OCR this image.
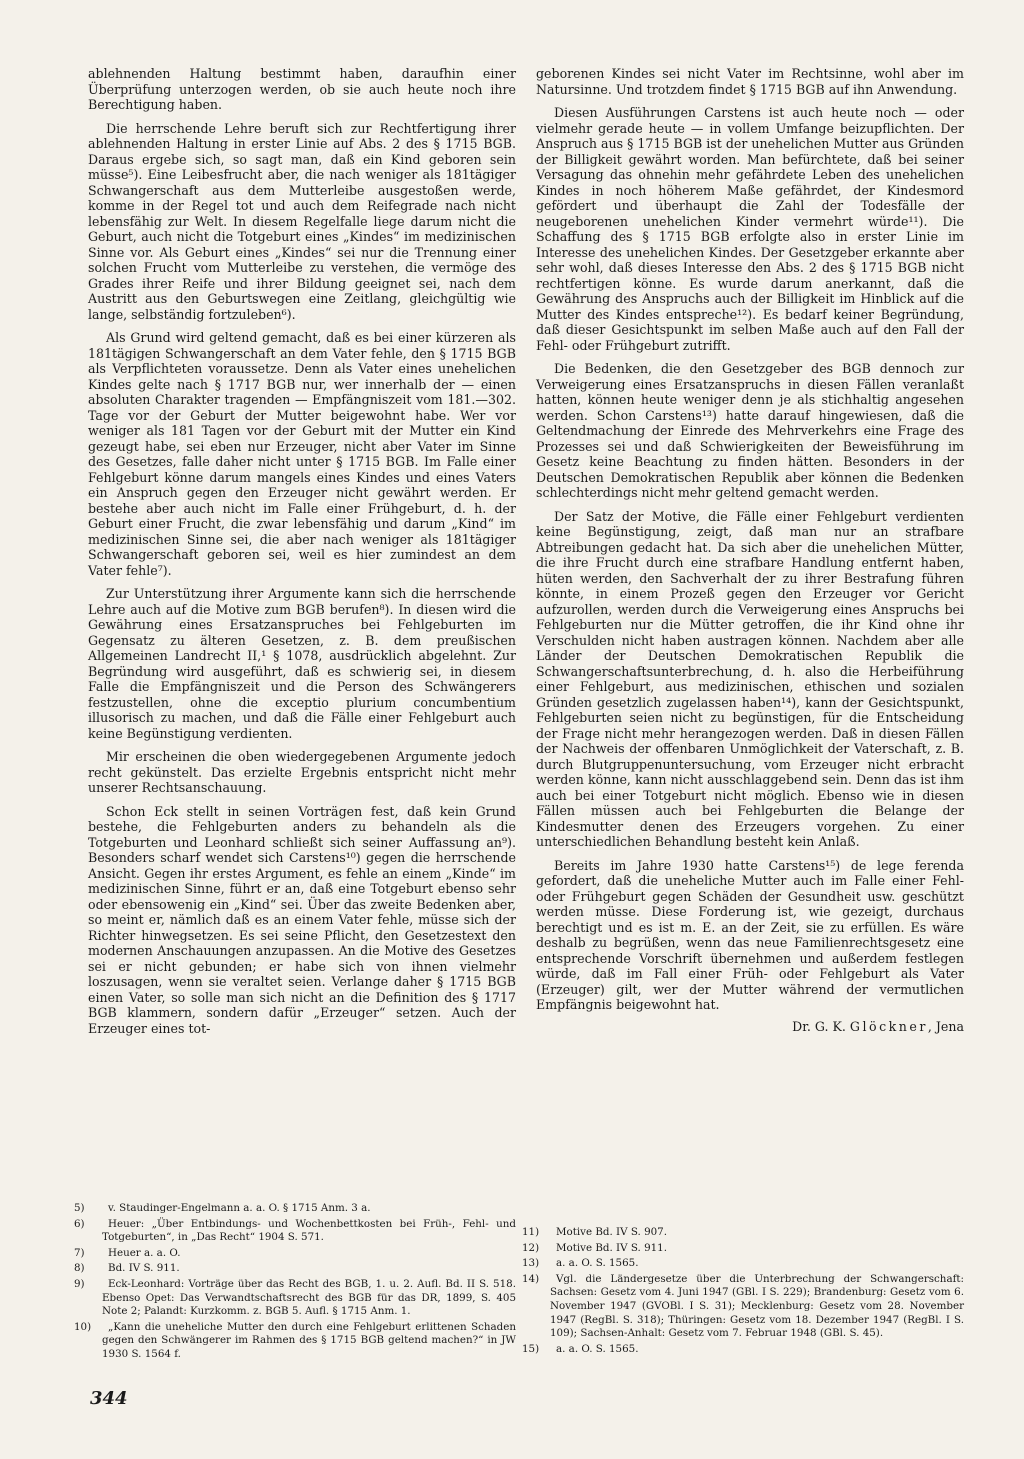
ablehnenden Haltung bestimmt haben, daraufhin einer Überprüfung unterzogen werden, ob sie auch heute noch ihre Berechtigung haben.

Die herrschende Lehre beruft sich zur Rechtfertigung ihrer ablehnenden Haltung in erster Linie auf Abs. 2 des § 1715 BGB. Daraus ergebe sich, so sagt man, daß ein Kind geboren sein müsse⁵). Eine Leibesfrucht aber, die nach weniger als 181tägiger Schwangerschaft aus dem Mutterleibe ausgestoßen werde, komme in der Regel tot und auch dem Reifegrade nach nicht lebensfähig zur Welt. In diesem Regelfalle liege darum nicht die Geburt, auch nicht die Totgeburt eines „Kindes“ im medizinischen Sinne vor. Als Geburt eines „Kindes“ sei nur die Trennung einer solchen Frucht vom Mutterleibe zu verstehen, die vermöge des Grades ihrer Reife und ihrer Bildung geeignet sei, nach dem Austritt aus den Geburtswegen eine Zeitlang, gleichgültig wie lange, selbständig fortzuleben⁶).

Als Grund wird geltend gemacht, daß es bei einer kürzeren als 181tägigen Schwangerschaft an dem Vater fehle, den § 1715 BGB als Verpflichteten voraussetze. Denn als Vater eines unehelichen Kindes gelte nach § 1717 BGB nur, wer innerhalb der — einen absoluten Charakter tragenden — Empfängniszeit vom 181.—302. Tage vor der Geburt der Mutter beigewohnt habe. Wer vor weniger als 181 Tagen vor der Geburt mit der Mutter ein Kind gezeugt habe, sei eben nur Erzeuger, nicht aber Vater im Sinne des Gesetzes, falle daher nicht unter § 1715 BGB. Im Falle einer Fehlgeburt könne darum mangels eines Kindes und eines Vaters ein Anspruch gegen den Erzeuger nicht gewährt werden. Er bestehe aber auch nicht im Falle einer Frühgeburt, d. h. der Geburt einer Frucht, die zwar lebensfähig und darum „Kind“ im medizinischen Sinne sei, die aber nach weniger als 181tägiger Schwangerschaft geboren sei, weil es hier zumindest an dem Vater fehle⁷).

Zur Unterstützung ihrer Argumente kann sich die herrschende Lehre auch auf die Motive zum BGB berufen⁸). In diesen wird die Gewährung eines Ersatzanspruches bei Fehlgeburten im Gegensatz zu älteren Gesetzen, z. B. dem preußischen Allgemeinen Landrecht II,¹ § 1078, ausdrücklich abgelehnt. Zur Begründung wird ausgeführt, daß es schwierig sei, in diesem Falle die Empfängniszeit und die Person des Schwängerers festzustellen, ohne die exceptio plurium concumbentium illusorisch zu machen, und daß die Fälle einer Fehlgeburt auch keine Begünstigung verdienten.

Mir erscheinen die oben wiedergegebenen Argumente jedoch recht gekünstelt. Das erzielte Ergebnis entspricht nicht mehr unserer Rechtsanschauung.

Schon Eck stellt in seinen Vorträgen fest, daß kein Grund bestehe, die Fehlgeburten anders zu behandeln als die Totgeburten und Leonhard schließt sich seiner Auffassung an⁹). Besonders scharf wendet sich Carstens¹⁰) gegen die herrschende Ansicht. Gegen ihr erstes Argument, es fehle an einem „Kinde“ im medizinischen Sinne, führt er an, daß eine Totgeburt ebenso sehr oder ebensowenig ein „Kind“ sei. Über das zweite Bedenken aber, so meint er, nämlich daß es an einem Vater fehle, müsse sich der Richter hinwegsetzen. Es sei seine Pflicht, den Gesetzestext den modernen Anschauungen anzupassen. An die Motive des Gesetzes sei er nicht gebunden; er habe sich von ihnen vielmehr loszusagen, wenn sie veraltet seien. Verlange daher § 1715 BGB einen Vater, so solle man sich nicht an die Definition des § 1717 BGB klammern, sondern dafür „Erzeuger“ setzen. Auch der Erzeuger eines tot-

geborenen Kindes sei nicht Vater im Rechtsinne, wohl aber im Natursinne. Und trotzdem findet § 1715 BGB auf ihn Anwendung.

Diesen Ausführungen Carstens ist auch heute noch — oder vielmehr gerade heute — in vollem Umfange beizupflichten. Der Anspruch aus § 1715 BGB ist der unehelichen Mutter aus Gründen der Billigkeit gewährt worden. Man befürchtete, daß bei seiner Versagung das ohnehin mehr gefährdete Leben des unehelichen Kindes in noch höherem Maße gefährdet, der Kindesmord gefördert und überhaupt die Zahl der Todesfälle der neugeborenen unehelichen Kinder vermehrt würde¹¹). Die Schaffung des § 1715 BGB erfolgte also in erster Linie im Interesse des unehelichen Kindes. Der Gesetzgeber erkannte aber sehr wohl, daß dieses Interesse den Abs. 2 des § 1715 BGB nicht rechtfertigen könne. Es wurde darum anerkannt, daß die Gewährung des Anspruchs auch der Billigkeit im Hinblick auf die Mutter des Kindes entspreche¹²). Es bedarf keiner Begründung, daß dieser Gesichtspunkt im selben Maße auch auf den Fall der Fehl- oder Frühgeburt zutrifft.

Die Bedenken, die den Gesetzgeber des BGB dennoch zur Verweigerung eines Ersatzanspruchs in diesen Fällen veranlaßt hatten, können heute weniger denn je als stichhaltig angesehen werden. Schon Carstens¹³) hatte darauf hingewiesen, daß die Geltendmachung der Einrede des Mehrverkehrs eine Frage des Prozesses sei und daß Schwierigkeiten der Beweisführung im Gesetz keine Beachtung zu finden hätten. Besonders in der Deutschen Demokratischen Republik aber können die Bedenken schlechterdings nicht mehr geltend gemacht werden.

Der Satz der Motive, die Fälle einer Fehlgeburt verdienten keine Begünstigung, zeigt, daß man nur an strafbare Abtreibungen gedacht hat. Da sich aber die unehelichen Mütter, die ihre Frucht durch eine strafbare Handlung entfernt haben, hüten werden, den Sachverhalt der zu ihrer Bestrafung führen könnte, in einem Prozeß gegen den Erzeuger vor Gericht aufzurollen, werden durch die Verweigerung eines Anspruchs bei Fehlgeburten nur die Mütter getroffen, die ihr Kind ohne ihr Verschulden nicht haben austragen können. Nachdem aber alle Länder der Deutschen Demokratischen Republik die Schwangerschaftsunterbrechung, d. h. also die Herbeiführung einer Fehlgeburt, aus medizinischen, ethischen und sozialen Gründen gesetzlich zugelassen haben¹⁴), kann der Gesichtspunkt, Fehlgeburten seien nicht zu begünstigen, für die Entscheidung der Frage nicht mehr herangezogen werden. Daß in diesen Fällen der Nachweis der offenbaren Unmöglichkeit der Vaterschaft, z. B. durch Blutgruppenuntersuchung, vom Erzeuger nicht erbracht werden könne, kann nicht ausschlaggebend sein. Denn das ist ihm auch bei einer Totgeburt nicht möglich. Ebenso wie in diesen Fällen müssen auch bei Fehlgeburten die Belange der Kindesmutter denen des Erzeugers vorgehen. Zu einer unterschiedlichen Behandlung besteht kein Anlaß.

Bereits im Jahre 1930 hatte Carstens¹⁵) de lege ferenda gefordert, daß die uneheliche Mutter auch im Falle einer Fehl- oder Frühgeburt gegen Schäden der Gesundheit usw. geschützt werden müsse. Diese Forderung ist, wie gezeigt, durchaus berechtigt und es ist m. E. an der Zeit, sie zu erfüllen. Es wäre deshalb zu begrüßen, wenn das neue Familienrechtsgesetz eine entsprechende Vorschrift übernehmen und außerdem festlegen würde, daß im Fall einer Früh- oder Fehlgeburt als Vater (Erzeuger) gilt, wer der Mutter während der vermutlichen Empfängnis beigewohnt hat.

Dr. G. K. Glöckner, Jena
5) v. Staudinger-Engelmann a. a. O. § 1715 Anm. 3 a.
6) Heuer: „Über Entbindungs- und Wochenbettkosten bei Früh-, Fehl- und Totgeburten“, in „Das Recht“ 1904 S. 571.
7) Heuer a. a. O.
8) Bd. IV S. 911.
9) Eck-Leonhard: Vorträge über das Recht des BGB, 1. u. 2. Aufl. Bd. II S. 518. Ebenso Opet: Das Verwandtschaftsrecht des BGB für das DR, 1899, S. 405 Note 2; Palandt: Kurzkomm. z. BGB 5. Aufl. § 1715 Anm. 1.
10) „Kann die uneheliche Mutter den durch eine Fehlgeburt erlittenen Schaden gegen den Schwängerer im Rahmen des § 1715 BGB geltend machen?“ in JW 1930 S. 1564 f.
11) Motive Bd. IV S. 907.
12) Motive Bd. IV S. 911.
13) a. a. O. S. 1565.
14) Vgl. die Ländergesetze über die Unterbrechung der Schwangerschaft: Sachsen: Gesetz vom 4. Juni 1947 (GBl. I S. 229); Brandenburg: Gesetz vom 6. November 1947 (GVOBl. I S. 31); Mecklenburg: Gesetz vom 28. November 1947 (RegBl. S. 318); Thüringen: Gesetz vom 18. Dezember 1947 (RegBl. I S. 109); Sachsen-Anhalt: Gesetz vom 7. Februar 1948 (GBl. S. 45).
15) a. a. O. S. 1565.
344
